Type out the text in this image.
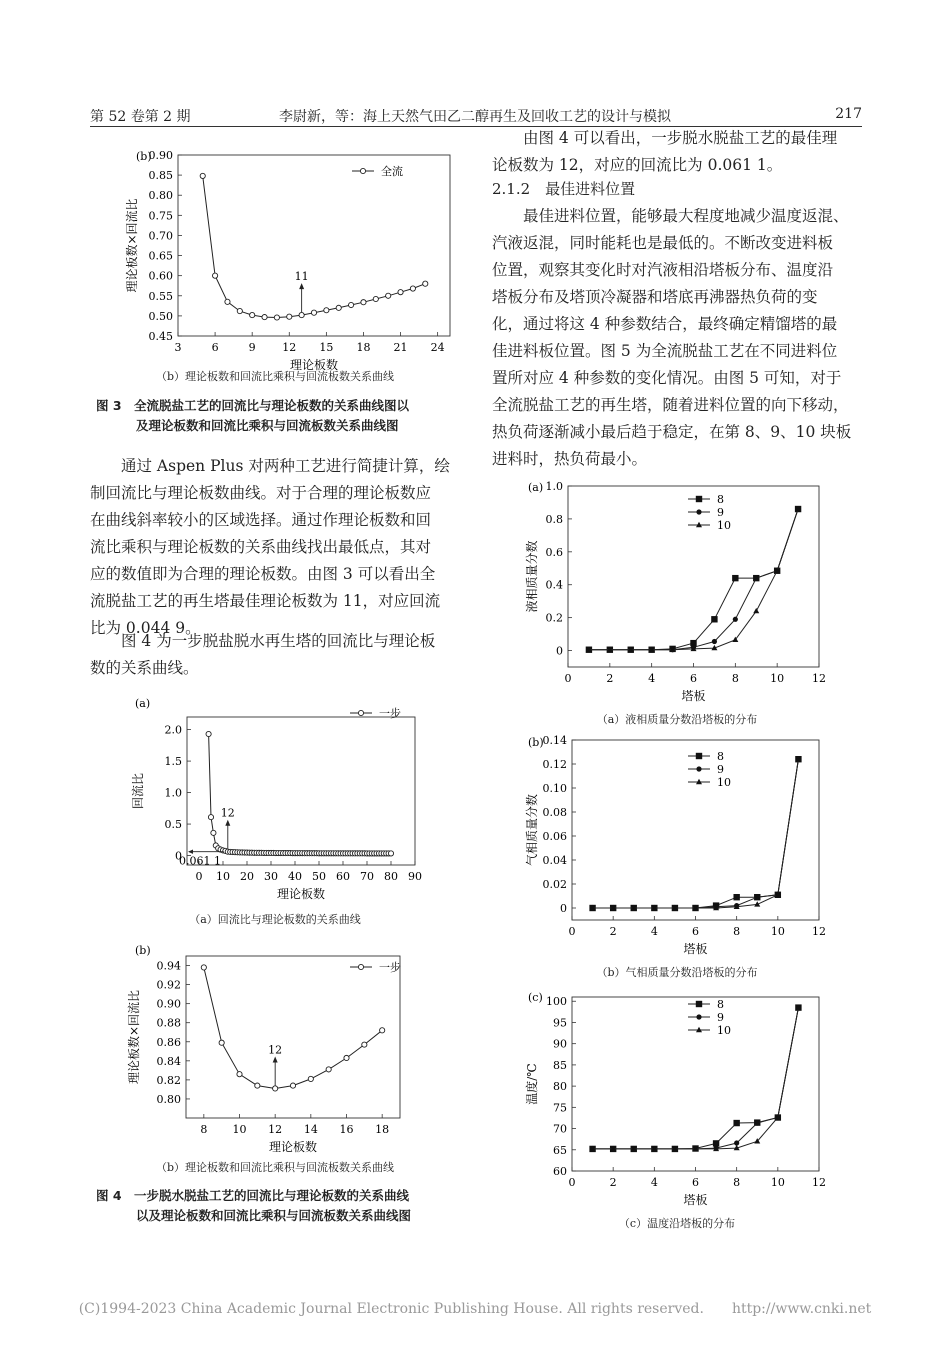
第 52 卷第 2 期	李尉新，等：海上天然气田乙二醇再生及回收工艺的设计与模拟	217
(b)
3	6	9 12 15 18 21 24
0.45
0.50
0.55
0.60
0.65
0.70
0.75
0.80
0.85
0.90
理论板数
理论板数×回流比
全流
11
（b）理论板数和回流比乘积与回流板数关系曲线
图 3　全流脱盐工艺的回流比与理论板数的关系曲线图以
及理论板数和回流比乘积与回流板数关系曲线图
通过 Aspen Plus 对两种工艺进行简捷计算，绘
制回流比与理论板数曲线。对于合理的理论板数应
在曲线斜率较小的区域选择。通过作理论板数和回
流比乘积与理论板数的关系曲线找出最低点，其对
应的数值即为合理的理论板数。由图 3 可以看出全
流脱盐工艺的再生塔最佳理论板数为 11，对应回流
比为 0.044 9。
图 4 为一步脱盐脱水再生塔的回流比与理论板
数的关系曲线。
(a)
0 10 20 30 40 50 60 70 80 90
0
0.5
1.0
1.5
2.0
理论板数
回流比
一步
12
0.061 1
（a）回流比与理论板数的关系曲线
(b)
8 10 12 14 16 18
0.80
0.82
0.84
0.86
0.88
0.90
0.92
0.94
理论板数
理论板数×回流比
一步
12
（b）理论板数和回流比乘积与回流板数关系曲线
图 4　一步脱水脱盐工艺的回流比与理论板数的关系曲线
以及理论板数和回流比乘积与回流板数关系曲线图
由图 4 可以看出，一步脱水脱盐工艺的最佳理
论板数为 12，对应的回流比为 0.061 1。
2.1.2　最佳进料位置
最佳进料位置，能够最大程度地减少温度返混、
汽液返混，同时能耗也是最低的。不断改变进料板
位置，观察其变化时对汽液相沿塔板分布、温度沿
塔板分布及塔顶冷凝器和塔底再沸器热负荷的变
化，通过将这 4 种参数结合，最终确定精馏塔的最
佳进料板位置。图 5 为全流脱盐工艺在不同进料位
置所对应 4 种参数的变化情况。由图 5 可知，对于
全流脱盐工艺的再生塔，随着进料位置的向下移动，
热负荷逐渐减小最后趋于稳定，在第 8、9、10 块板
进料时，热负荷最小。
(a)
0	2	4	6	8	10	12
0
0.2
0.4
0.6
0.8
1.0
塔板
液相质量分数
8
9
10
（a）液相质量分数沿塔板的分布
(b)
0	2	4	6	8	10 12
0
0.02
0.04
0.06
0.08
0.10
0.12
0.14
塔板
气相质量分数
8
9
10
（b）气相质量分数沿塔板的分布
(c)
0	2	4	6	8	10 12
60
65
70
75
80
85
90
95
100
塔板
温度/℃
8
9
10
（c）温度沿塔板的分布
(C)1994-2023 China Academic Journal Electronic Publishing House. All rights reserved.　　http://www.cnki.net
